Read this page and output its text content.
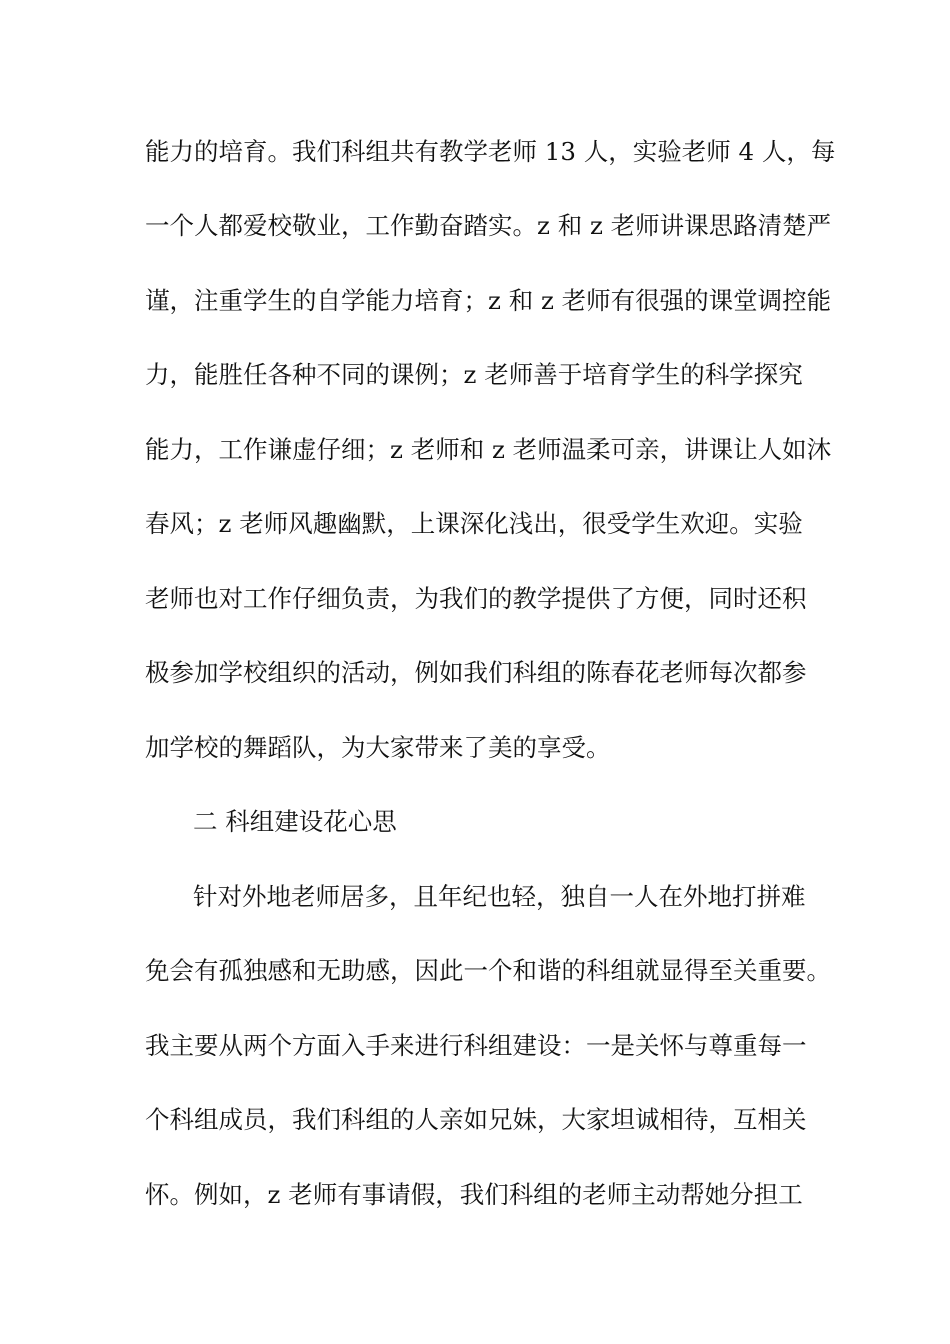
能力的培育。我们科组共有教学老师 13 人，实验老师 4 人，每
一个人都爱校敬业，工作勤奋踏实。z 和 z 老师讲课思路清楚严
谨，注重学生的自学能力培育；z 和 z 老师有很强的课堂调控能
力，能胜任各种不同的课例；z 老师善于培育学生的科学探究
能力，工作谦虚仔细；z 老师和 z 老师温柔可亲，讲课让人如沐
春风；z 老师风趣幽默，上课深化浅出，很受学生欢迎。实验
老师也对工作仔细负责，为我们的教学提供了方便，同时还积
极参加学校组织的活动，例如我们科组的陈春花老师每次都参
加学校的舞蹈队，为大家带来了美的享受。
二 科组建设花心思
针对外地老师居多，且年纪也轻，独自一人在外地打拼难
免会有孤独感和无助感，因此一个和谐的科组就显得至关重要。
我主要从两个方面入手来进行科组建设：一是关怀与尊重每一
个科组成员，我们科组的人亲如兄妹，大家坦诚相待，互相关
怀。例如，z 老师有事请假，我们科组的老师主动帮她分担工
